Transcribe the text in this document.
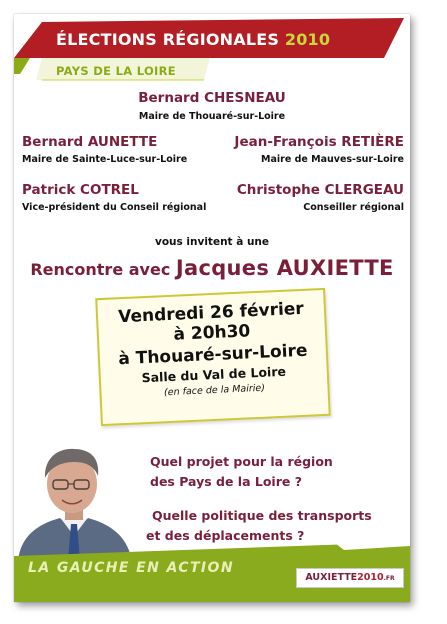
ÉLECTIONS RÉGIONALES 2010
PAYS DE LA LOIRE
Bernard CHESNEAU
Maire de Thouaré-sur-Loire
Bernard AUNETTE
Maire de Sainte-Luce-sur-Loire
Jean-François RETIÈRE
Maire de Mauves-sur-Loire
Patrick COTREL
Vice-président du Conseil régional
Christophe CLERGEAU
Conseiller régional
vous invitent à une
Rencontre avec Jacques AUXIETTE
Vendredi 26 février
à 20h30
à Thouaré-sur-Loire
Salle du Val de Loire
(en face de la Mairie)
Quel projet pour la région
des Pays de la Loire ?
Quelle politique des transports
et des déplacements ?
LA GAUCHE EN ACTION
AUXIETTE2010.FR
